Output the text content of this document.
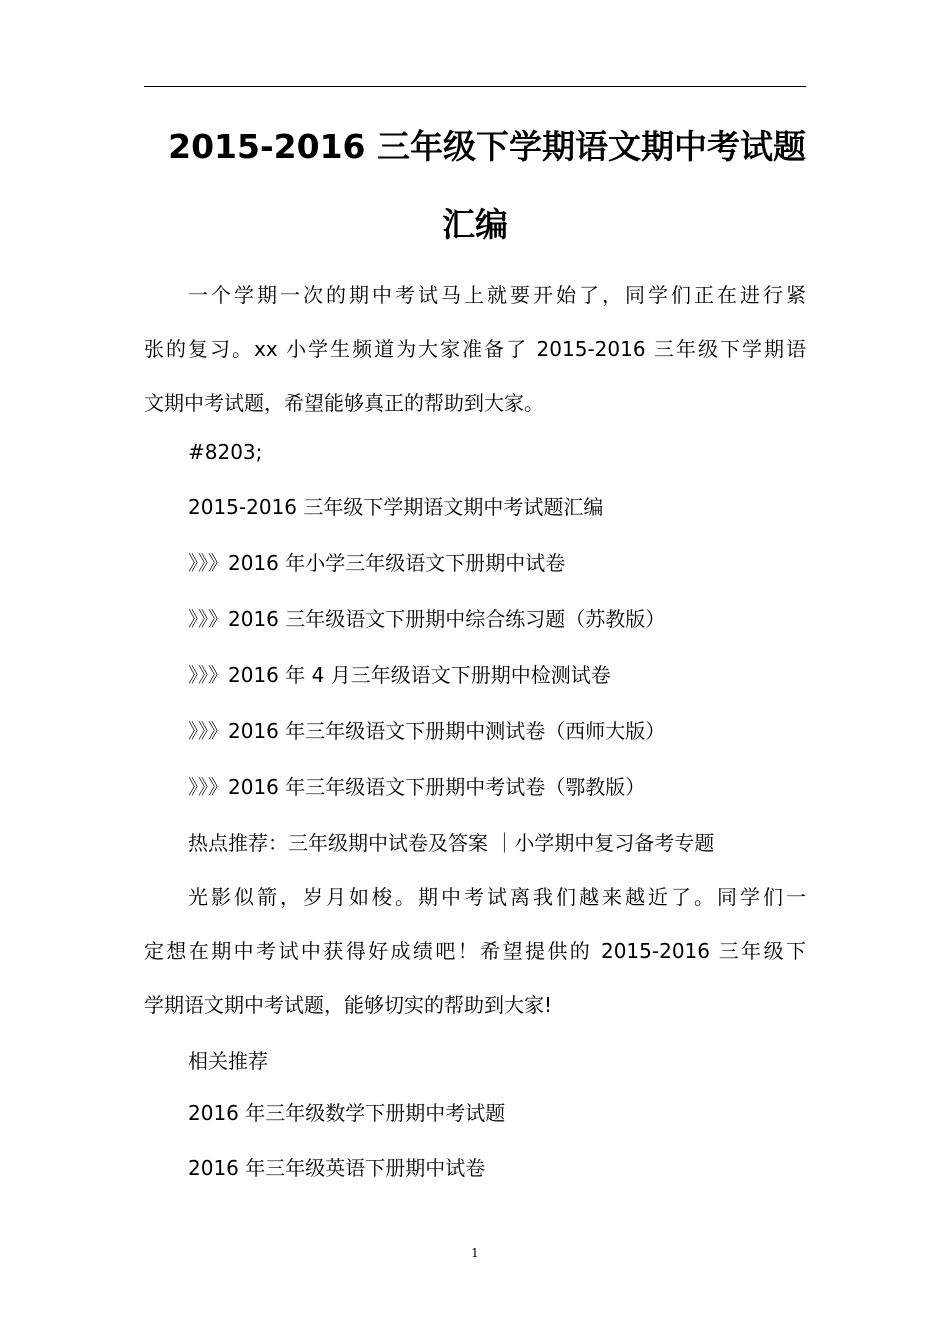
2015-2016 三年级下学期语文期中考试题
汇编
一个学期一次的期中考试马上就要开始了，同学们正在进行紧
张的复习。xx 小学生频道为大家准备了 2015-2016 三年级下学期语
文期中考试题，希望能够真正的帮助到大家。
#8203;
2015-2016 三年级下学期语文期中考试题汇编
》》》2016 年小学三年级语文下册期中试卷
》》》2016 三年级语文下册期中综合练习题（苏教版）
》》》2016 年 4 月三年级语文下册期中检测试卷
》》》2016 年三年级语文下册期中测试卷（西师大版）
》》》2016 年三年级语文下册期中考试卷（鄂教版）
热点推荐：三年级期中试卷及答案 ｜小学期中复习备考专题
光影似箭，岁月如梭。期中考试离我们越来越近了。同学们一
定想在期中考试中获得好成绩吧！希望提供的 2015-2016 三年级下
学期语文期中考试题，能够切实的帮助到大家!
相关推荐
2016 年三年级数学下册期中考试题
2016 年三年级英语下册期中试卷
1
